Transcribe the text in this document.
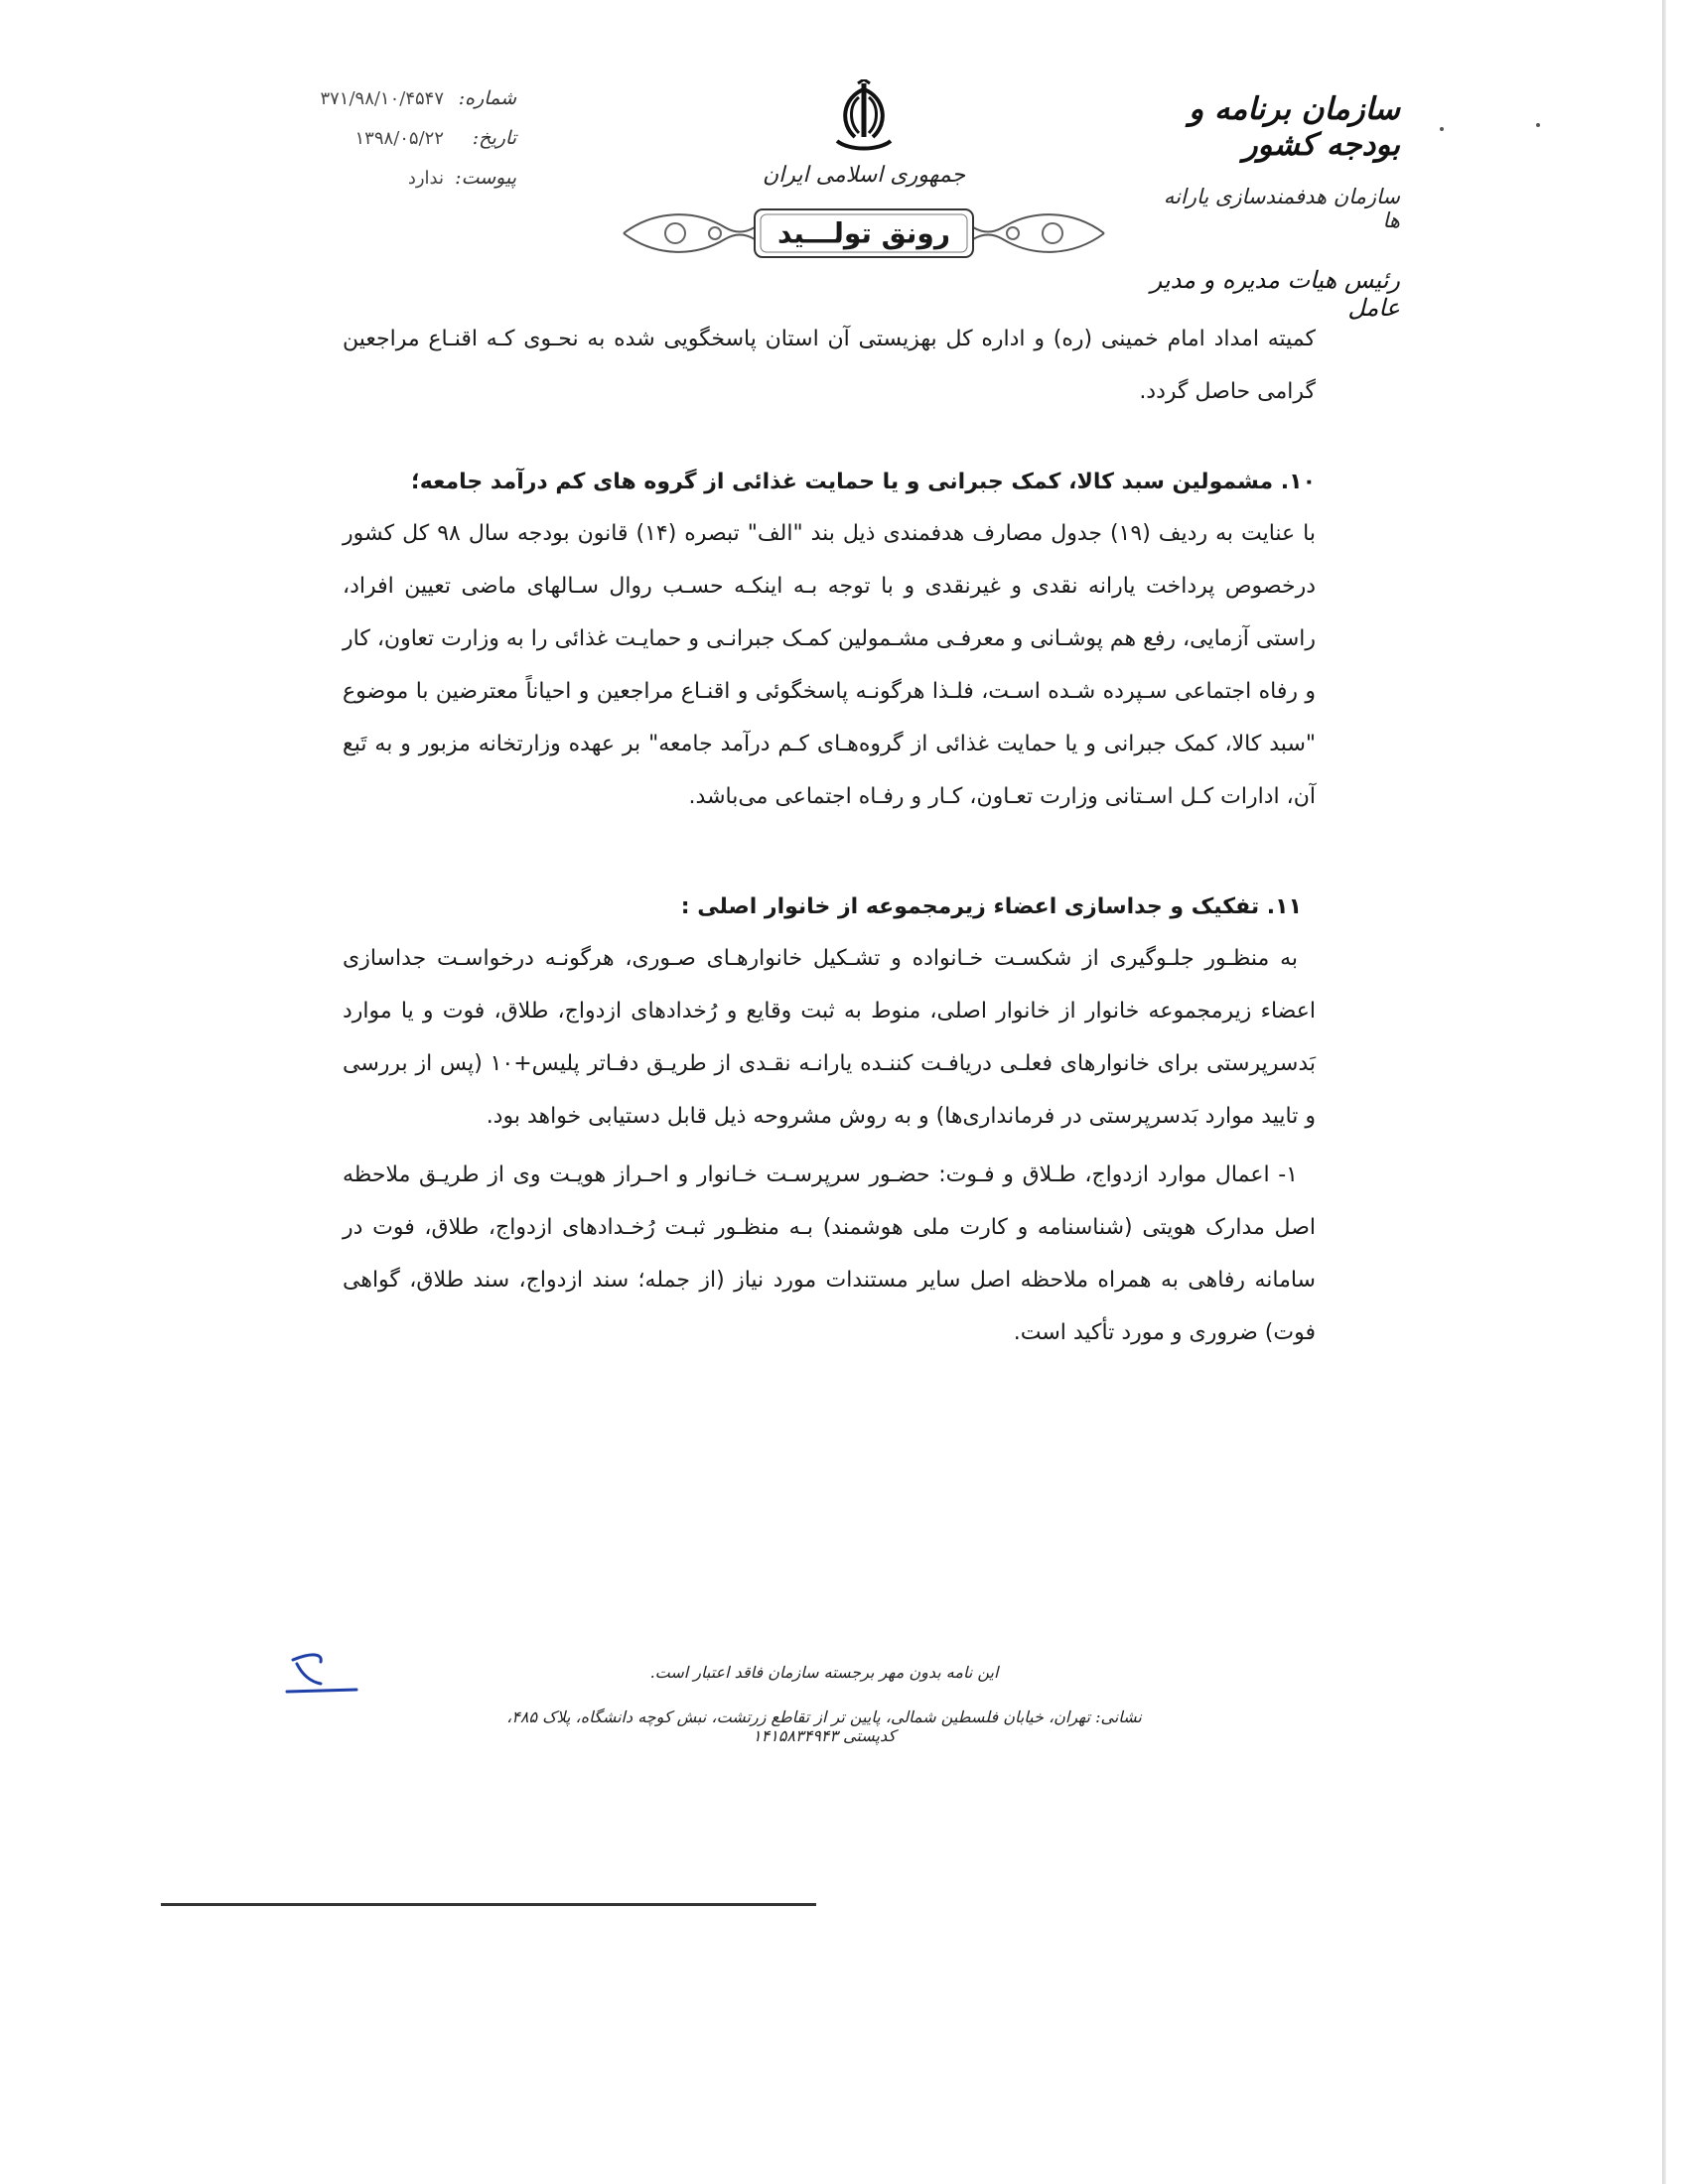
شماره:
۳۷۱/۹۸/۱۰/۴۵۴۷
تاریخ:
۱۳۹۸/۰۵/۲۲
پیوست:
ندارد	جمهوری اسلامی ایران
رونق تولـــید
سازمان برنامه و بودجه کشور
سازمان هدفمندسازی یارانه ها
رئیس هیات مدیره و مدیر عامل

کمیته امداد امام خمینی (ره) و اداره کل بهزیستی آن استان پاسخگویی شده به نحـوی کـه اقنـاع مراجعین گرامی حاصل گردد.

۱۰. مشمولین سبد کالا، کمک جبرانی و یا حمایت غذائی از گروه های کم درآمد جامعه؛

با عنایت به ردیف (۱۹) جدول مصارف هدفمندی ذیل بند "الف" تبصره (۱۴) قانون بودجه سال ۹۸ کل کشور درخصوص پرداخت یارانه نقدی و غیرنقدی و با توجه بـه اینکـه حسـب روال سـالهای ماضی تعیین افراد، راستی آزمایی، رفع هم پوشـانی و معرفـی مشـمولین کمـک جبرانـی و حمایـت غذائی را به وزارت تعاون، کار و رفاه اجتماعی سـپرده شـده اسـت، فلـذا هرگونـه پاسخگوئی و اقنـاع مراجعین و احیاناً معترضین با موضوع "سبد کالا، کمک جبرانی و یا حمایت غذائی از گروه‌هـای کـم درآمد جامعه" بر عهده وزارتخانه مزبور و به تَبع آن، ادارات کـل اسـتانی وزارت تعـاون، کـار و رفـاه اجتماعی می‌باشد.

۱۱. تفکیک و جداسازی اعضاء زیرمجموعه از خانوار اصلی :

به منظـور جلـوگیری از شکسـت خـانواده و تشـکیل خانوارهـای صـوری، هرگونـه درخواسـت جداسازی اعضاء زیرمجموعه خانوار از خانوار اصلی، منوط به ثبت وقایع و رُخدادهای ازدواج، طلاق، فوت و یا موارد بَدسرپرستی برای خانوارهای فعلـی دریافـت کننـده یارانـه نقـدی از طریـق دفـاتر پلیس+۱۰ (پس از بررسی و تایید موارد بَدسرپرستی در فرمانداری‌ها) و به روش مشروحه ذیل قابل دستیابی خواهد بود.

۱- اعمال موارد ازدواج، طـلاق و فـوت: حضـور سرپرسـت خـانوار و احـراز هویـت وی از طریـق ملاحظه اصل مدارک هویتی (شناسنامه و کارت ملی هوشمند) بـه منظـور ثبـت رُخـدادهای ازدواج، طلاق، فوت در سامانه رفاهی به همراه ملاحظه اصل سایر مستندات مورد نیاز (از جمله؛ سند ازدواج، سند طلاق، گواهی فوت) ضروری و مورد تأکید است.

این نامه بدون مهر برجسته سازمان فاقد اعتبار است.
نشانی: تهران، خیابان فلسطین شمالی، پایین تر از تقاطع زرتشت، نبش کوچه دانشگاه، پلاک ۴۸۵، کدپستی ۱۴۱۵۸۳۴۹۴۳
